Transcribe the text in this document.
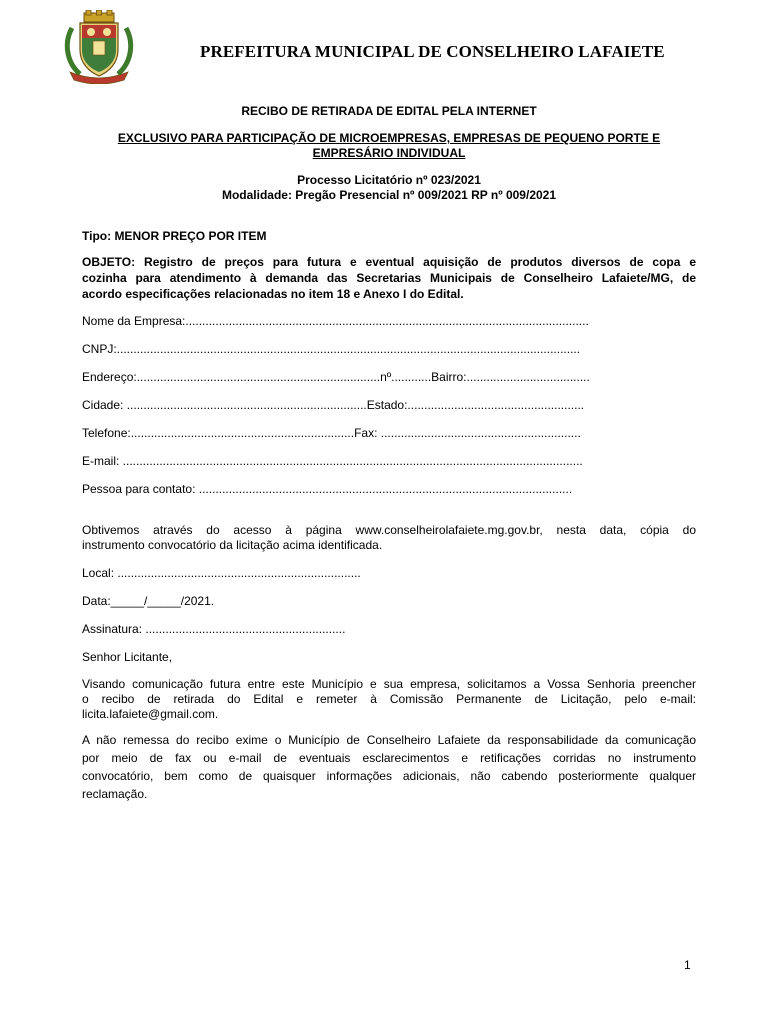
PREFEITURA MUNICIPAL DE CONSELHEIRO LAFAIETE
RECIBO DE RETIRADA DE EDITAL PELA INTERNET
EXCLUSIVO PARA PARTICIPAÇÃO DE MICROEMPRESAS, EMPRESAS DE PEQUENO PORTE E
EMPRESÁRIO INDIVIDUAL
Processo Licitatório nº 023/2021
Modalidade: Pregão Presencial nº 009/2021 RP nº 009/2021
Tipo: MENOR PREÇO POR ITEM
OBJETO: Registro de preços para futura e eventual aquisição de produtos diversos de copa e
cozinha para atendimento à demanda das Secretarias Municipais de Conselheiro Lafaiete/MG, de
acordo especificações relacionadas no item 18 e Anexo I do Edital.
Nome da Empresa:.........................................................................................................................
CNPJ:...........................................................................................................................................
Endereço:.........................................................................nº............Bairro:.....................................
Cidade: ........................................................................Estado:.....................................................
Telefone:...................................................................Fax: ............................................................
E-mail: ..........................................................................................................................................
Pessoa para contato: ................................................................................................................
Obtivemos através do acesso à página www.conselheirolafaiete.mg.gov.br, nesta data, cópia do
instrumento convocatório da licitação acima identificada.
Local: .........................................................................
Data:_____/_____/2021.
Assinatura: ............................................................
Senhor Licitante,
Visando comunicação futura entre este Município e sua empresa, solicitamos a Vossa Senhoria preencher
o recibo de retirada do Edital e remeter à Comissão Permanente de Licitação, pelo e-mail:
licita.lafaiete@gmail.com.
A não remessa do recibo exime o Município de Conselheiro Lafaiete da responsabilidade da comunicação
por meio de fax ou e-mail de eventuais esclarecimentos e retificações corridas no instrumento
convocatório, bem como de quaisquer informações adicionais, não cabendo posteriormente qualquer
reclamação.
1
